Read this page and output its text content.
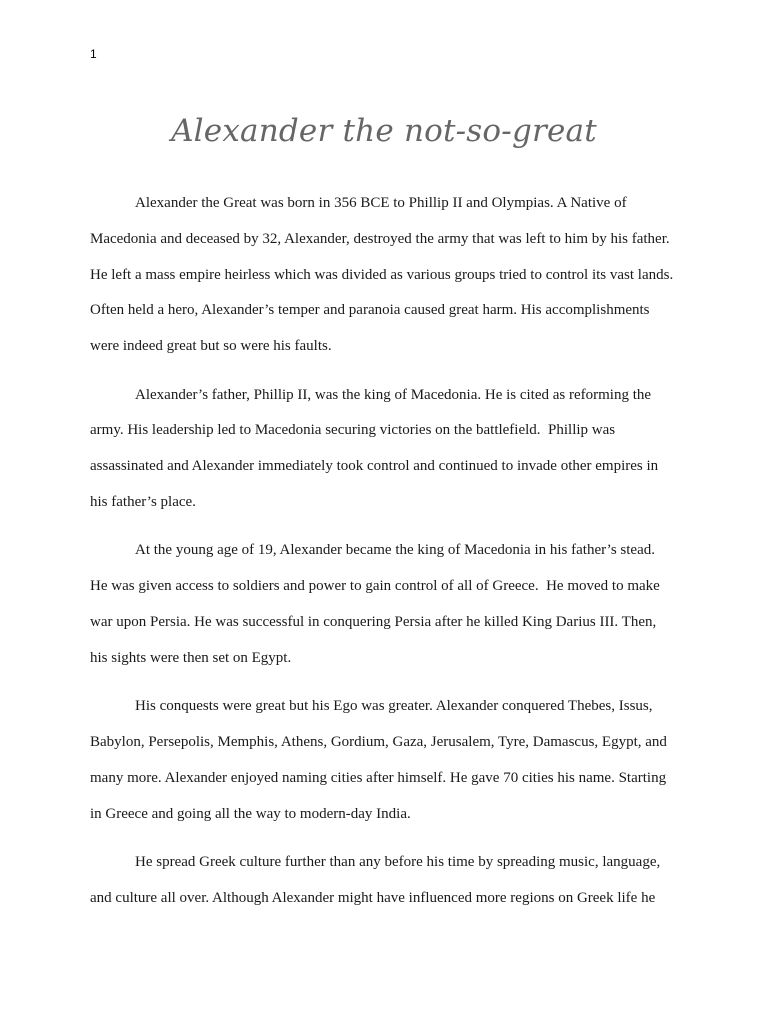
1
Alexander the not-so-great
Alexander the Great was born in 356 BCE to Phillip II and Olympias. A Native of
Macedonia and deceased by 32, Alexander, destroyed the army that was left to him by his father.
He left a mass empire heirless which was divided as various groups tried to control its vast lands.
Often held a hero, Alexander’s temper and paranoia caused great harm. His accomplishments
were indeed great but so were his faults.
Alexander’s father, Phillip II, was the king of Macedonia. He is cited as reforming the
army. His leadership led to Macedonia securing victories on the battlefield.  Phillip was
assassinated and Alexander immediately took control and continued to invade other empires in
his father’s place.
At the young age of 19, Alexander became the king of Macedonia in his father’s stead.
He was given access to soldiers and power to gain control of all of Greece.  He moved to make
war upon Persia. He was successful in conquering Persia after he killed King Darius III. Then,
his sights were then set on Egypt.
His conquests were great but his Ego was greater. Alexander conquered Thebes, Issus,
Babylon, Persepolis, Memphis, Athens, Gordium, Gaza, Jerusalem, Tyre, Damascus, Egypt, and
many more. Alexander enjoyed naming cities after himself. He gave 70 cities his name. Starting
in Greece and going all the way to modern-day India.
He spread Greek culture further than any before his time by spreading music, language,
and culture all over. Although Alexander might have influenced more regions on Greek life he
